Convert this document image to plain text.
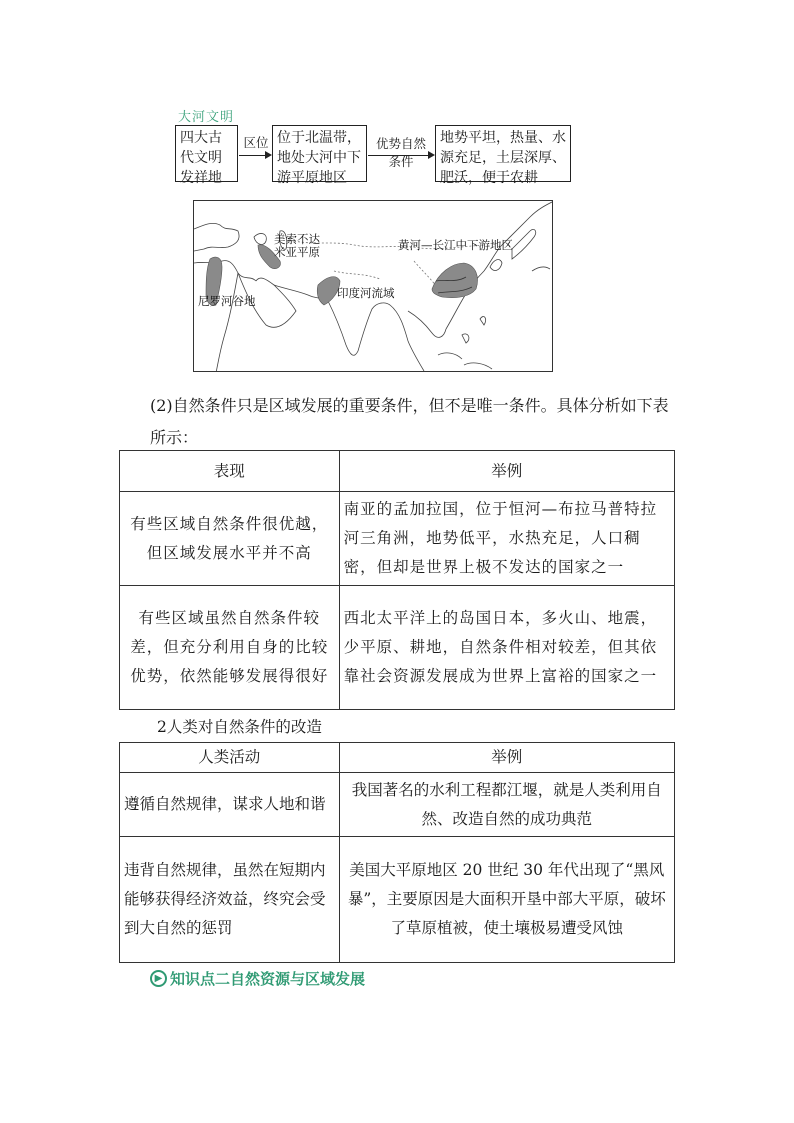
大河文明
四大古代文明发祥地
区位 位于北温带，地处大河中下游平原地区
优势自然条件
地势平坦，热量、水源充足，土层深厚、肥沃，便于农耕
美索不达米亚平原
尼罗河谷地
印度河流域
黄河—长江中下游地区
(2)自然条件只是区域发展的重要条件，但不是唯一条件。具体分析如下表所示：
表现	举例
有些区域自然条件很优越，但区域发展水平并不高	南亚的孟加拉国，位于恒河—布拉马普特拉河三角洲，地势低平，水热充足，人口稠密，但却是世界上极不发达的国家之一
有些区域虽然自然条件较差，但充分利用自身的比较优势，依然能够发展得很好	西北太平洋上的岛国日本，多火山、地震，少平原、耕地，自然条件相对较差，但其依靠社会资源发展成为世界上富裕的国家之一
2人类对自然条件的改造
人类活动	举例
遵循自然规律，谋求人地和谐	我国著名的水利工程都江堰，就是人类利用自然、改造自然的成功典范
违背自然规律，虽然在短期内能够获得经济效益，终究会受到大自然的惩罚	美国大平原地区 20 世纪 30 年代出现了“黑风暴”，主要原因是大面积开垦中部大平原，破坏了草原植被，使土壤极易遭受风蚀
▶ 知识点二自然资源与区域发展
